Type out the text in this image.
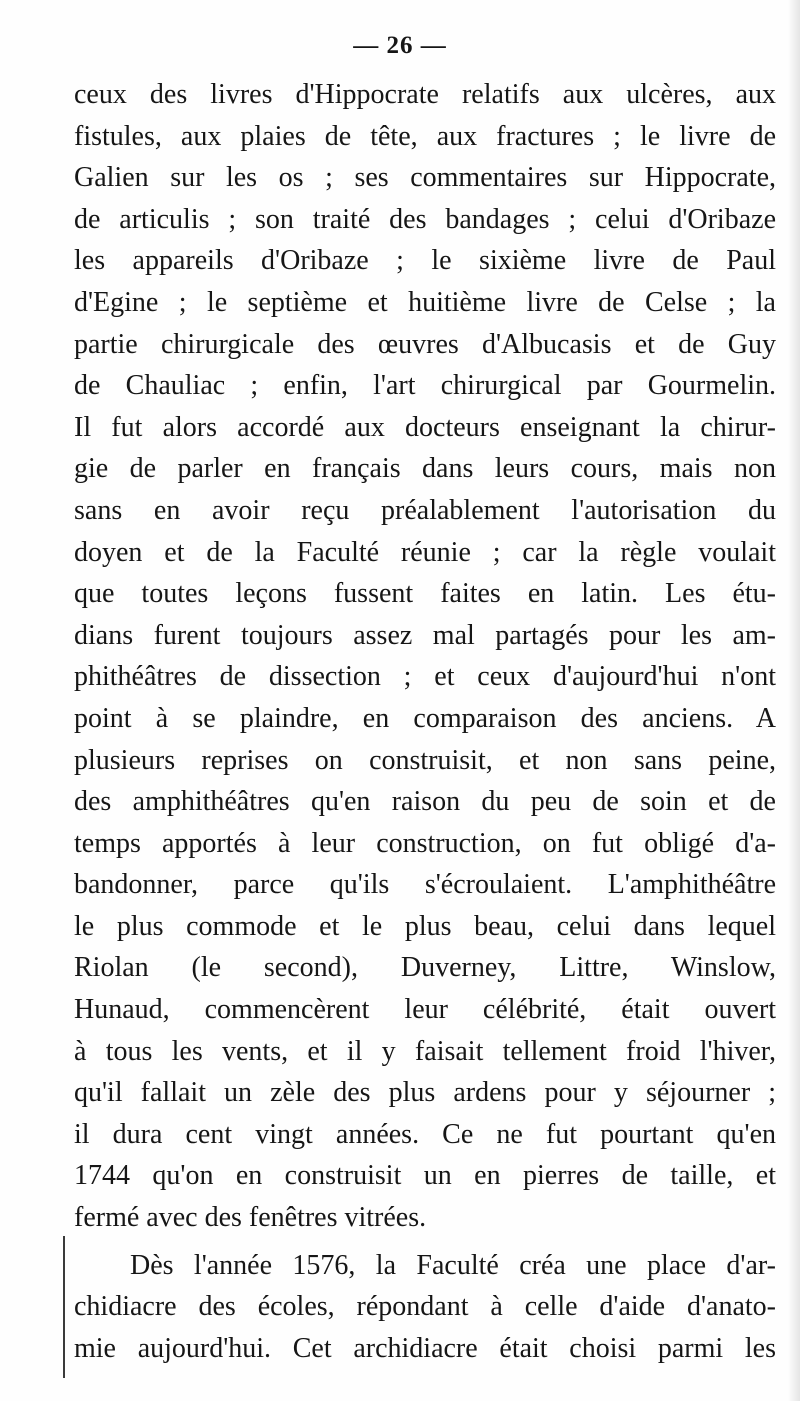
— 26 —
ceux des livres d'Hippocrate relatifs aux ulcères, aux
fistules, aux plaies de tête, aux fractures ; le livre de
Galien sur les os ; ses commentaires sur Hippocrate,
de articulis ; son traité des bandages ; celui d'Oribaze
les appareils d'Oribaze ; le sixième livre de Paul
d'Egine ; le septième et huitième livre de Celse ; la
partie chirurgicale des œuvres d'Albucasis et de Guy
de Chauliac ; enfin, l'art chirurgical par Gourmelin.
Il fut alors accordé aux docteurs enseignant la chirur-
gie de parler en français dans leurs cours, mais non
sans en avoir reçu préalablement l'autorisation du
doyen et de la Faculté réunie ; car la règle voulait
que toutes leçons fussent faites en latin. Les étu-
dians furent toujours assez mal partagés pour les am-
phithéâtres de dissection ; et ceux d'aujourd'hui n'ont
point à se plaindre, en comparaison des anciens. A
plusieurs reprises on construisit, et non sans peine,
des amphithéâtres qu'en raison du peu de soin et de
temps apportés à leur construction, on fut obligé d'a-
bandonner, parce qu'ils s'écroulaient. L'amphithéâtre
le plus commode et le plus beau, celui dans lequel
Riolan (le second), Duverney, Littre, Winslow,
Hunaud, commencèrent leur célébrité, était ouvert
à tous les vents, et il y faisait tellement froid l'hiver,
qu'il fallait un zèle des plus ardens pour y séjourner ;
il dura cent vingt années. Ce ne fut pourtant qu'en
1744 qu'on en construisit un en pierres de taille, et
fermé avec des fenêtres vitrées.
Dès l'année 1576, la Faculté créa une place d'ar-
chidiacre des écoles, répondant à celle d'aide d'anato-
mie aujourd'hui. Cet archidiacre était choisi parmi les
